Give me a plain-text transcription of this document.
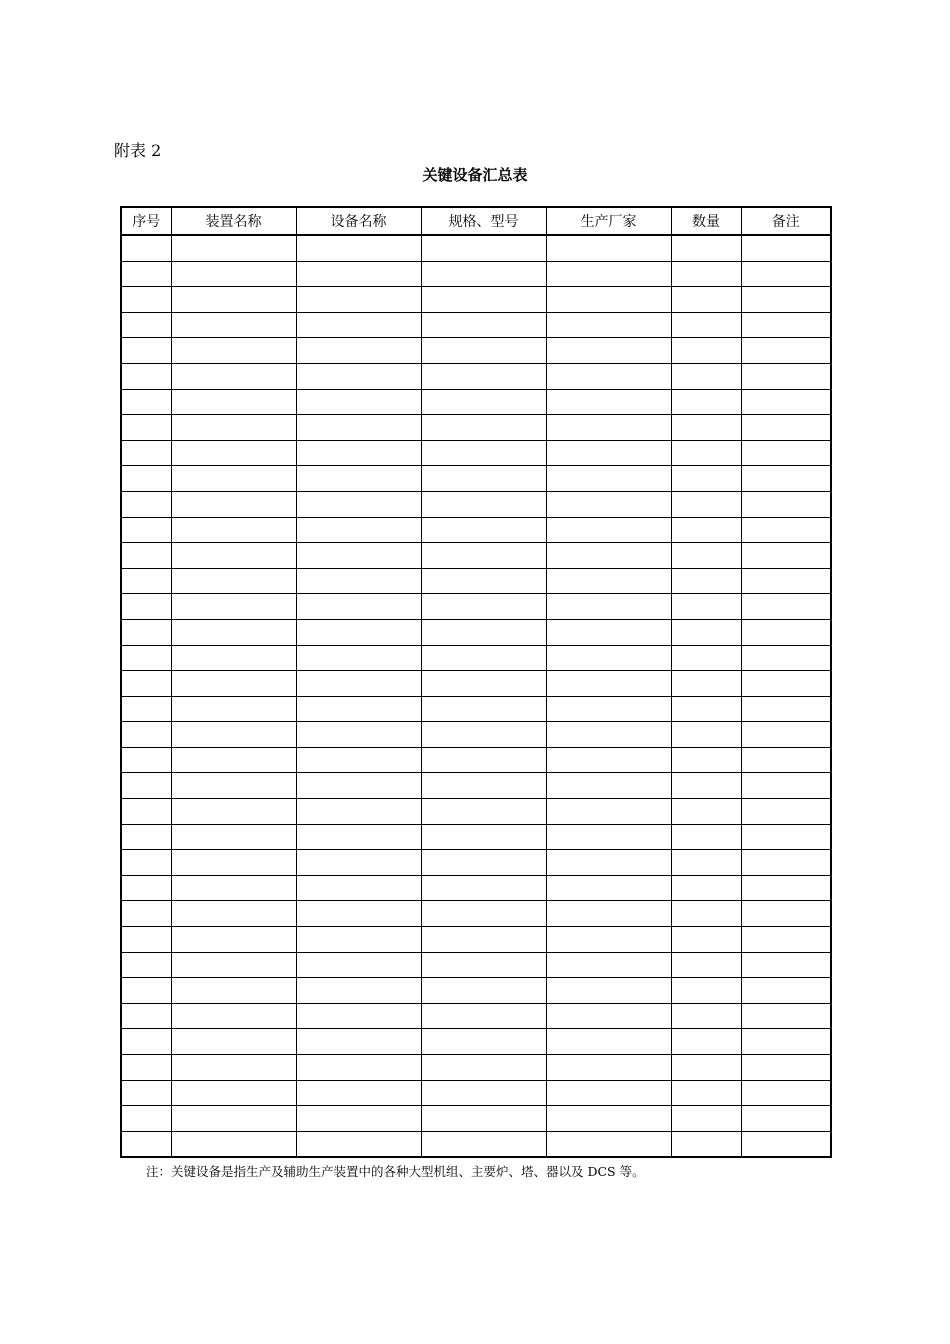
附表 2
关键设备汇总表
序号	装置名称	设备名称	规格、型号	生产厂家	数量	备注

注：关键设备是指生产及辅助生产装置中的各种大型机组、主要炉、塔、器以及 DCS 等。
